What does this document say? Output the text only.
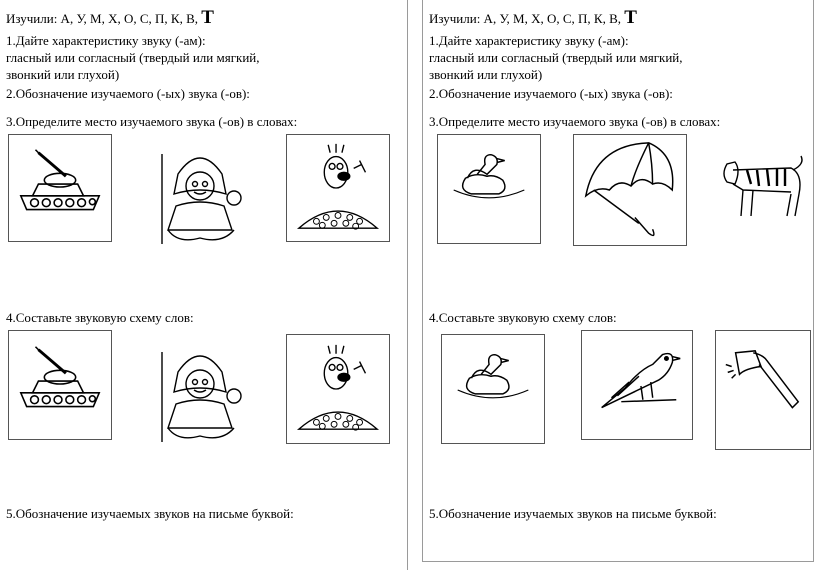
Изучили: А, У, М, Х, О, С, П, К, В, Т
1.Дайте характеристику звуку (-ам):
гласный или согласный (твердый или мягкий,
звонкий или глухой)
2.Обозначение изучаемого (-ых) звука (-ов):
3.Определите место изучаемого звука (-ов) в словах:
4.Составьте звуковую схему слов:
5.Обозначение изучаемых звуков на письме буквой:
Изучили: А, У, М, Х, О, С, П, К, В, Т
1.Дайте характеристику звуку (-ам):
гласный или согласный (твердый или мягкий,
звонкий или глухой)
2.Обозначение изучаемого (-ых) звука (-ов):
3.Определите место изучаемого звука (-ов) в словах:
4.Составьте звуковую схему слов:
5.Обозначение изучаемых звуков на письме буквой:
